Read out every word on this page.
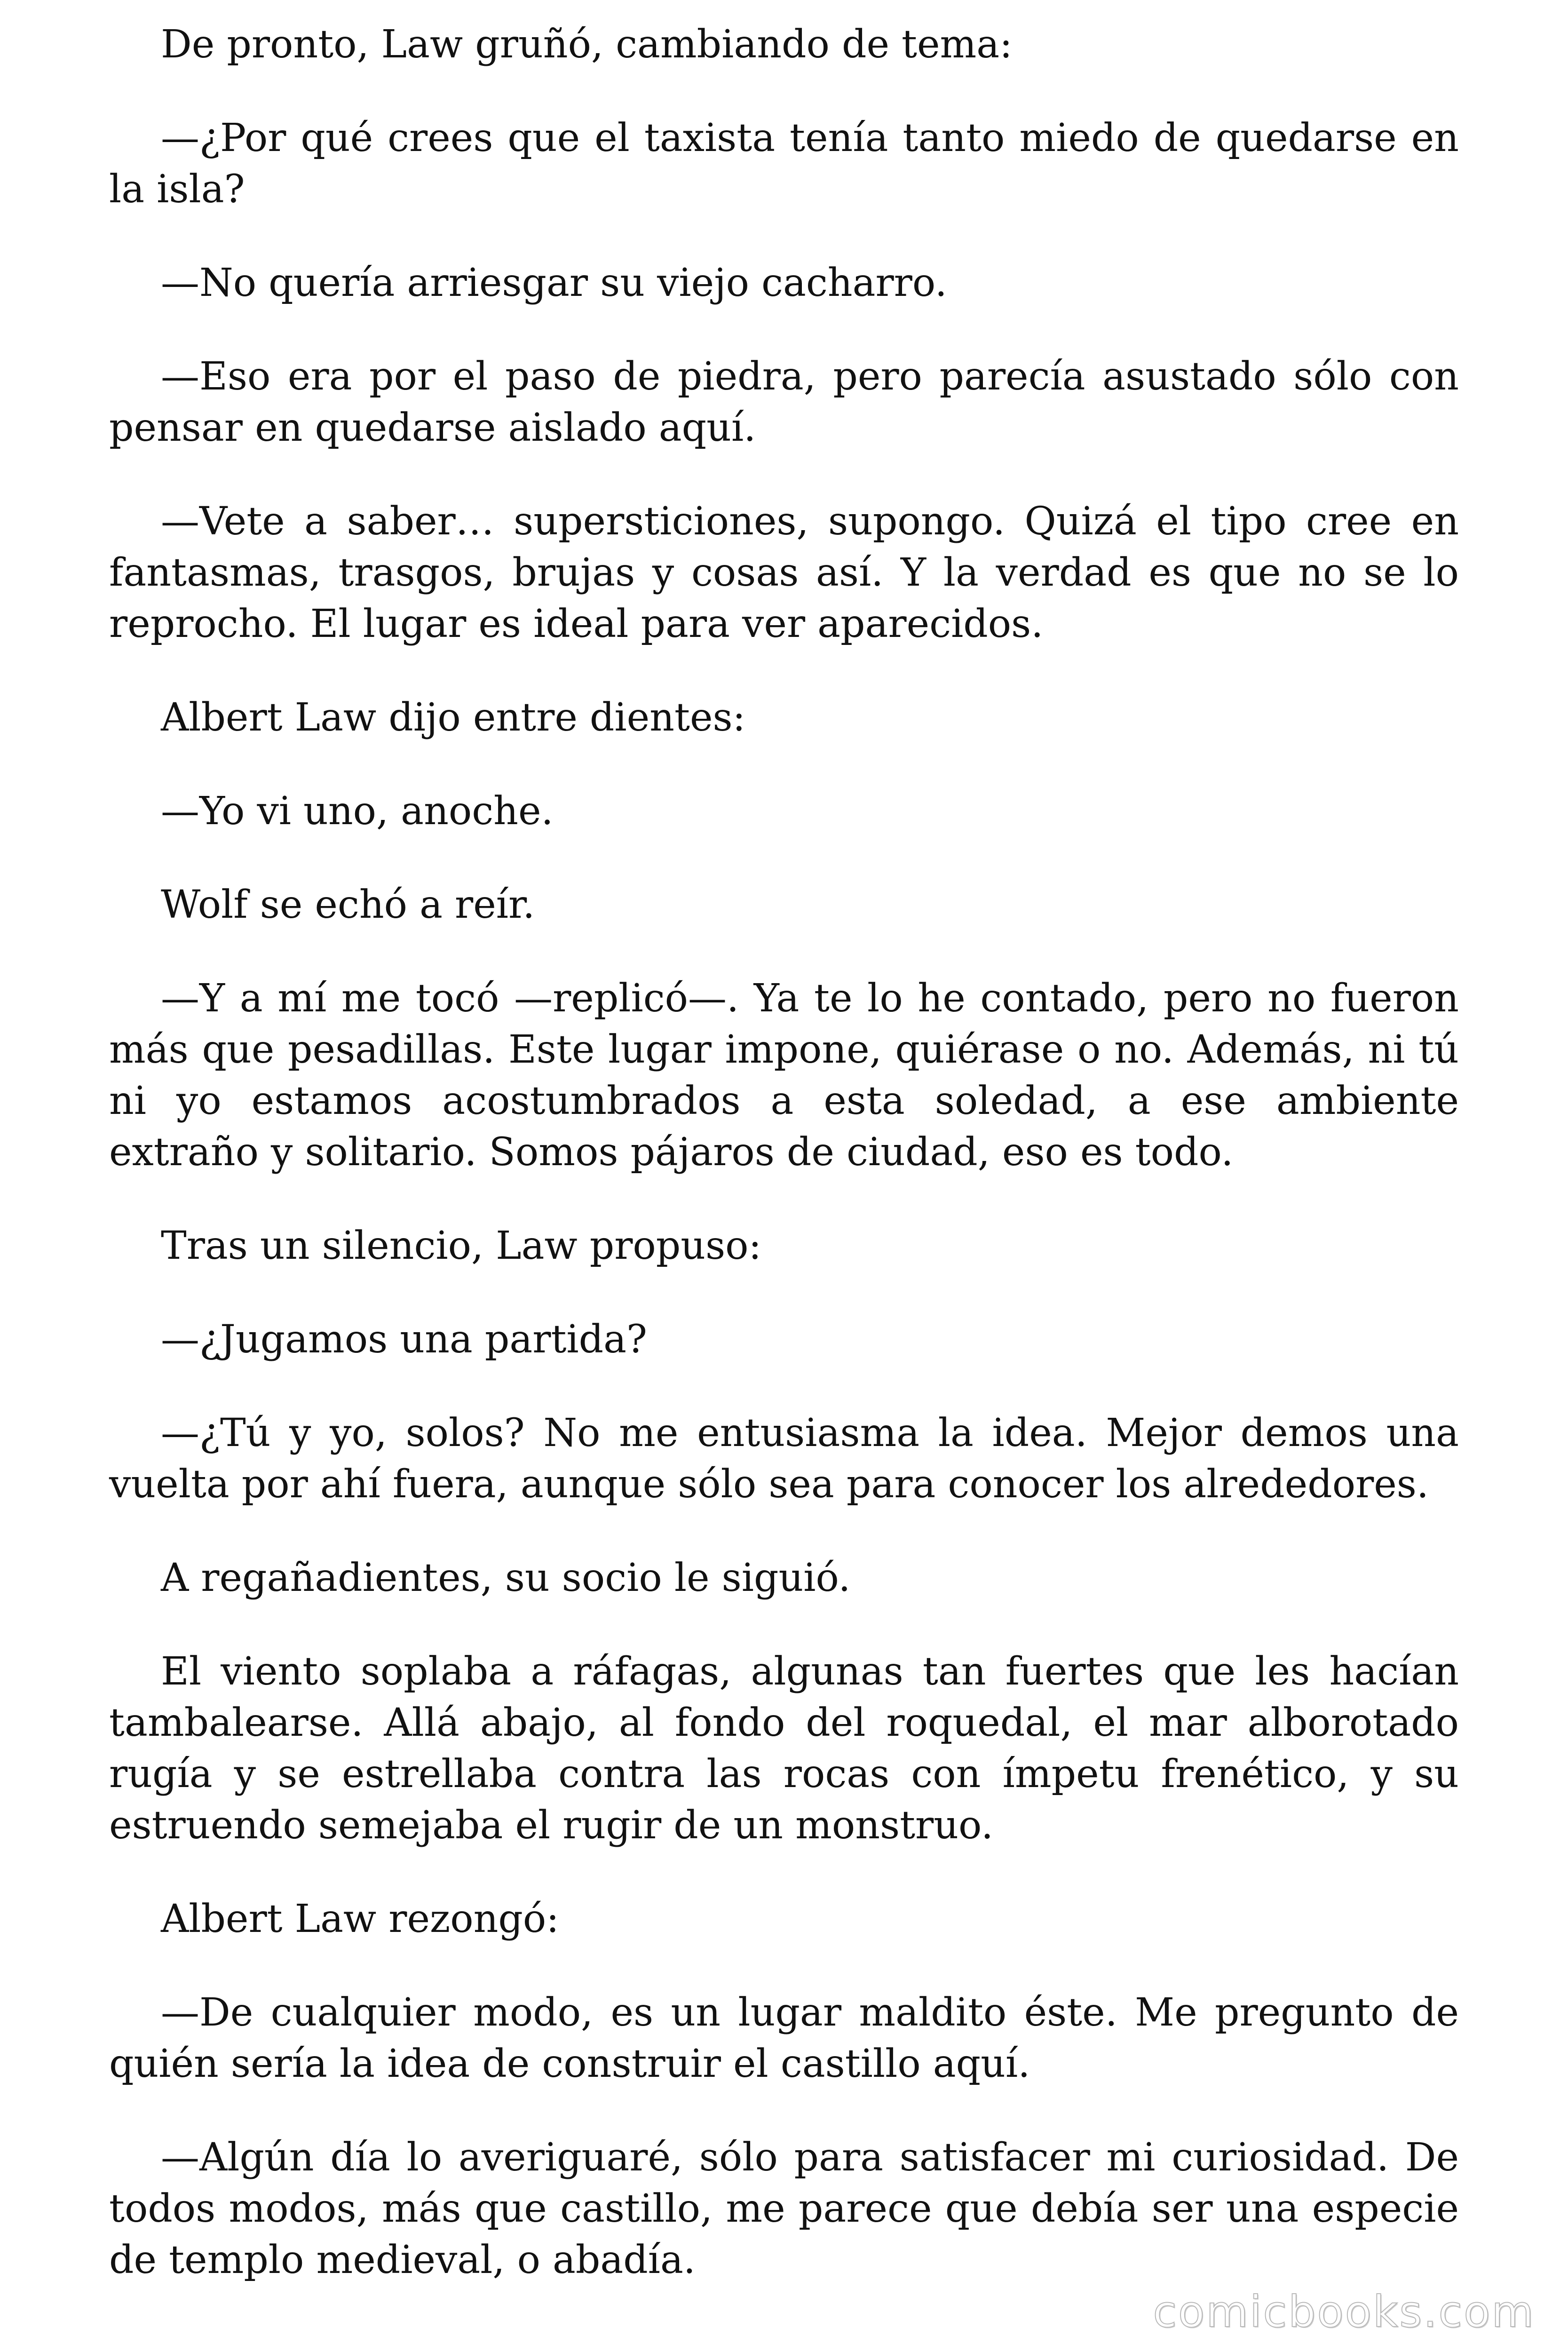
De pronto, Law gruñó, cambiando de tema:

—¿Por qué crees que el taxista tenía tanto miedo de quedarse en la isla?

—No quería arriesgar su viejo cacharro.

—Eso era por el paso de piedra, pero parecía asustado sólo con pensar en quedarse aislado aquí.

—Vete a saber… supersticiones, supongo. Quizá el tipo cree en fantasmas, trasgos, brujas y cosas así. Y la verdad es que no se lo reprocho. El lugar es ideal para ver aparecidos.

Albert Law dijo entre dientes:

—Yo vi uno, anoche.

Wolf se echó a reír.

—Y a mí me tocó —replicó—. Ya te lo he contado, pero no fueron más que pesadillas. Este lugar impone, quiérase o no. Además, ni tú ni yo estamos acostumbrados a esta soledad, a ese ambiente extraño y solitario. Somos pájaros de ciudad, eso es todo.

Tras un silencio, Law propuso:

—¿Jugamos una partida?

—¿Tú y yo, solos? No me entusiasma la idea. Mejor demos una vuelta por ahí fuera, aunque sólo sea para conocer los alrededores.

A regañadientes, su socio le siguió.

El viento soplaba a ráfagas, algunas tan fuertes que les hacían tambalearse. Allá abajo, al fondo del roquedal, el mar alborotado rugía y se estrellaba contra las rocas con ímpetu frenético, y su estruendo semejaba el rugir de un monstruo.

Albert Law rezongó:

—De cualquier modo, es un lugar maldito éste. Me pregunto de quién sería la idea de construir el castillo aquí.

—Algún día lo averiguaré, sólo para satisfacer mi curiosidad. De todos modos, más que castillo, me parece que debía ser una especie de templo medieval, o abadía.

comicbooks.com
